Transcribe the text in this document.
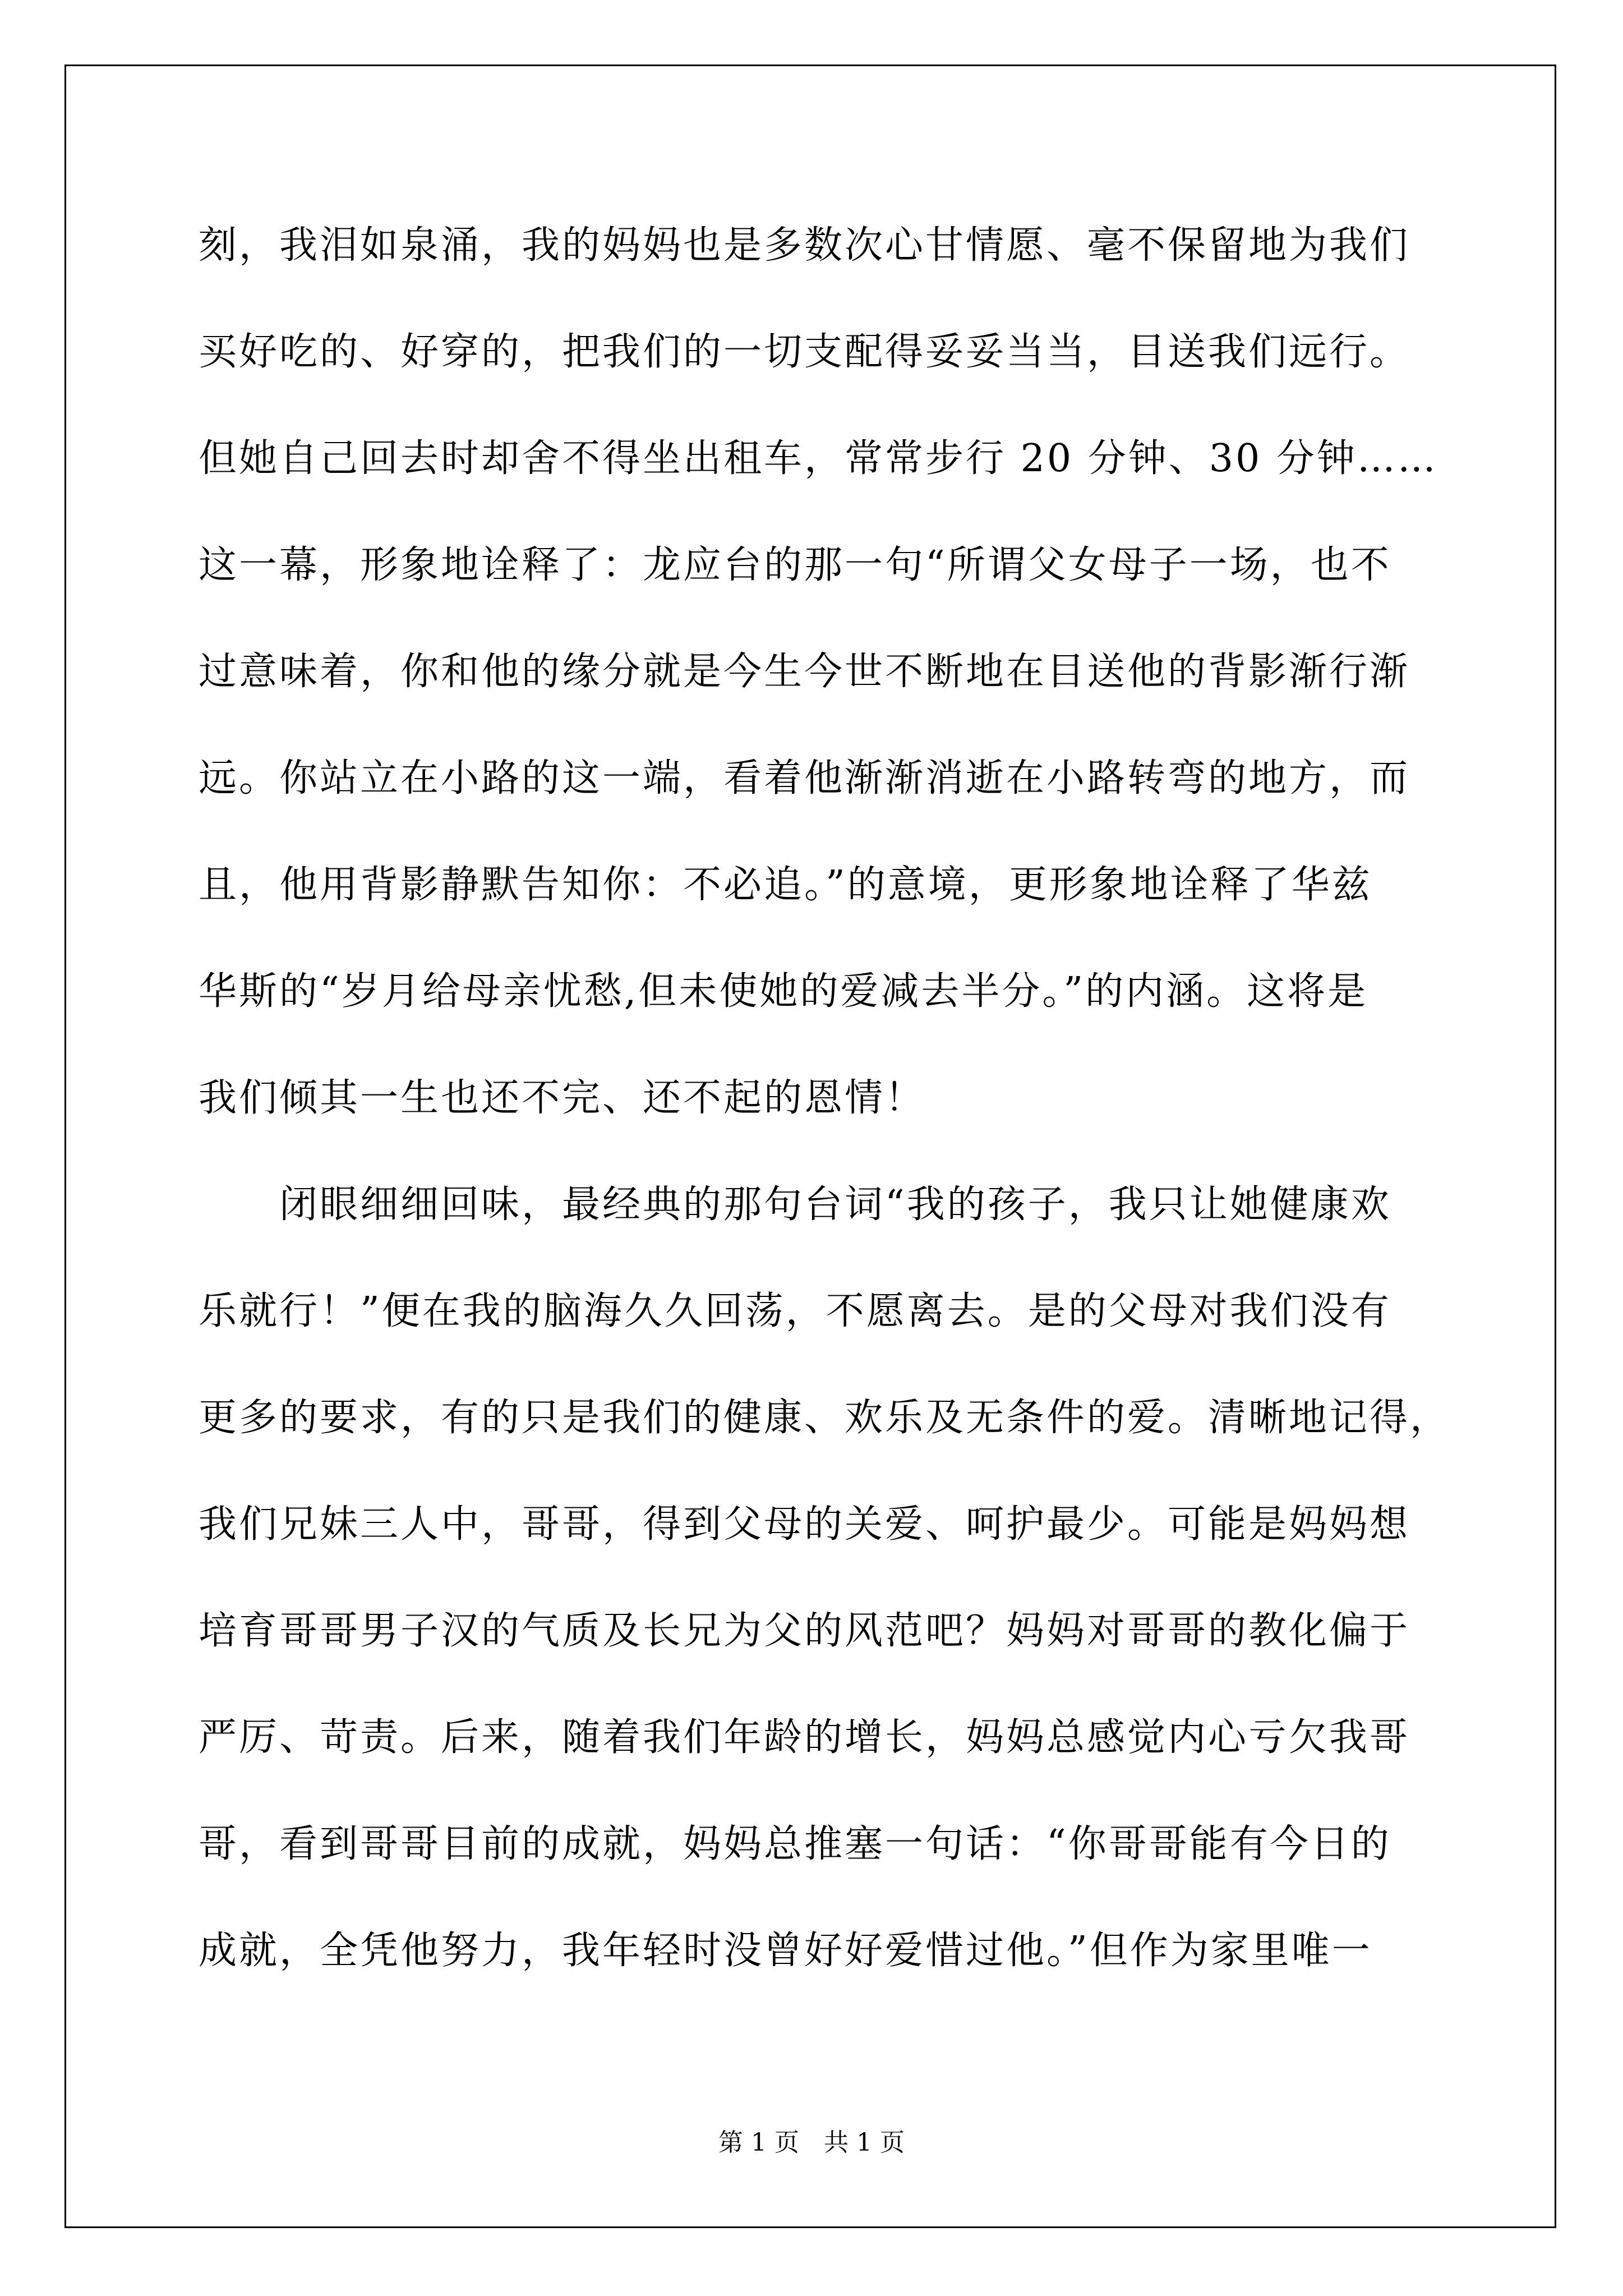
刻，我泪如泉涌，我的妈妈也是多数次心甘情愿、毫不保留地为我们
买好吃的、好穿的，把我们的一切支配得妥妥当当，目送我们远行。
但她自己回去时却舍不得坐出租车，常常步行 20 分钟、30 分钟……
这一幕，形象地诠释了：龙应台的那一句“所谓父女母子一场，也不
过意味着，你和他的缘分就是今生今世不断地在目送他的背影渐行渐
远。你站立在小路的这一端，看着他渐渐消逝在小路转弯的地方，而
且，他用背影静默告知你：不必追。”的意境，更形象地诠释了华兹
华斯的“岁月给母亲忧愁,但未使她的爱减去半分。”的内涵。这将是
我们倾其一生也还不完、还不起的恩情！
　　闭眼细细回味，最经典的那句台词“我的孩子，我只让她健康欢
乐就行！”便在我的脑海久久回荡，不愿离去。是的父母对我们没有
更多的要求，有的只是我们的健康、欢乐及无条件的爱。清晰地记得，
我们兄妹三人中，哥哥，得到父母的关爱、呵护最少。可能是妈妈想
培育哥哥男子汉的气质及长兄为父的风范吧？妈妈对哥哥的教化偏于
严厉、苛责。后来，随着我们年龄的增长，妈妈总感觉内心亏欠我哥
哥，看到哥哥目前的成就，妈妈总推塞一句话：“你哥哥能有今日的
成就，全凭他努力，我年轻时没曾好好爱惜过他。”但作为家里唯一
第 1 页　共 1 页
